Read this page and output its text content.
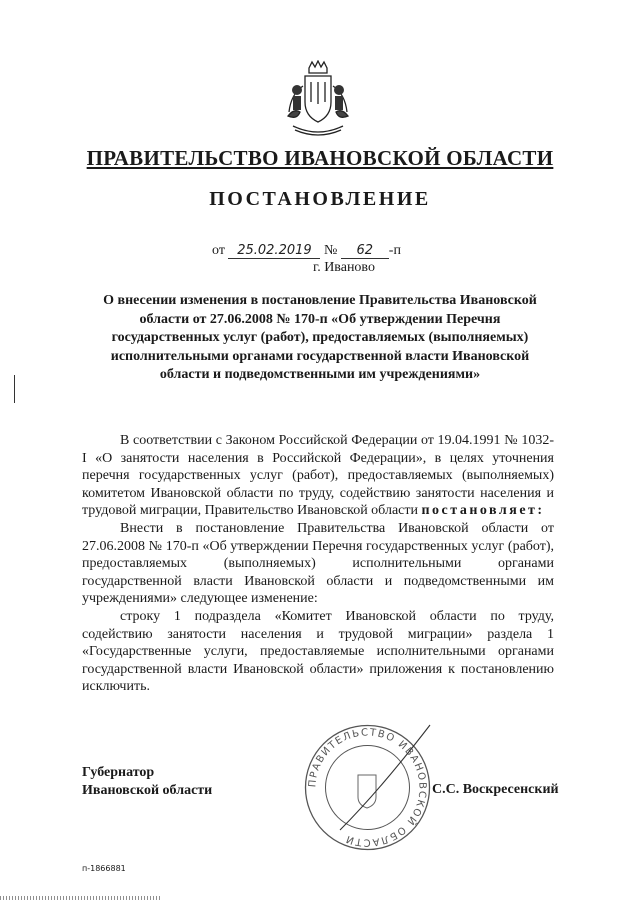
ПРАВИТЕЛЬСТВО ИВАНОВСКОЙ ОБЛАСТИ
ПОСТАНОВЛЕНИЕ
от 25.02.2019 № 62 -п
г. Иваново
О внесении изменения в постановление Правительства Ивановской области от 27.06.2008 № 170-п «Об утверждении Перечня государственных услуг (работ), предоставляемых (выполняемых) исполнительными органами государственной власти Ивановской области и подведомственными им учреждениями»

В соответствии с Законом Российской Федерации от 19.04.1991 № 1032-I «О занятости населения в Российской Федерации», в целях уточнения перечня государственных услуг (работ), предоставляемых (выполняемых) комитетом Ивановской области по труду, содействию занятости населения и трудовой миграции, Правительство Ивановской области постановляет:

Внести в постановление Правительства Ивановской области от 27.06.2008 № 170-п «Об утверждении Перечня государственных услуг (работ), предоставляемых (выполняемых) исполнительными органами государственной власти Ивановской области и подведомственными им учреждениями» следующее изменение:

строку 1 подраздела «Комитет Ивановской области по труду, содействию занятости населения и трудовой миграции» раздела 1 «Государственные услуги, предоставляемые исполнительными органами государственной власти Ивановской области» приложения к постановлению исключить.

ПРАВИТЕЛЬСТВО ИВАНОВСКОЙ ОБЛАСТИ
Губернатор
Ивановской области	С.С. Воскресенский
п-1866881
